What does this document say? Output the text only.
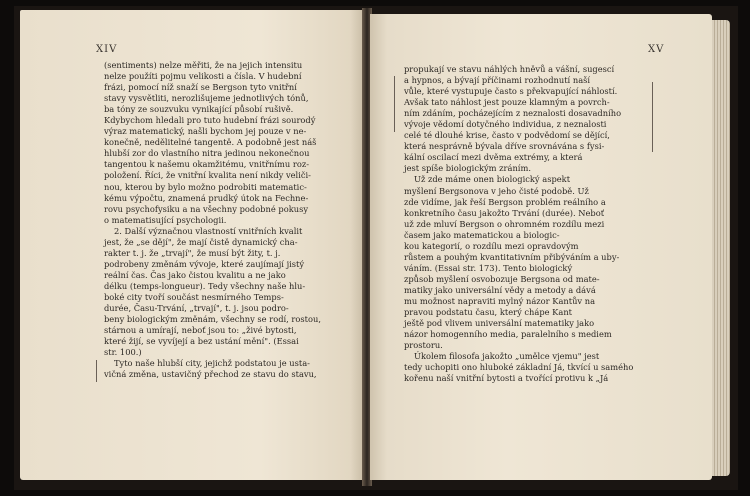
XIV	XV
(sentiments) nelze měřiti, že na jejich intensitu
nelze použíti pojmu velikosti a čísla. V hudební
frázi, pomocí níž snaží se Bergson tyto vnitřní
stavy vysvětliti, nerozlišujeme jednotlivých tónů,
ba tóny ze souzvuku vynikající působí rušivě.
Kdybychom hledali pro tuto hudební frázi sourodý
výraz matematický, našli bychom jej pouze v ne-
konečně, nedělitelné tangentě. A podobně jest náš
hlubší zor do vlastního nitra jedinou nekonečnou
tangentou k našemu okamžitému, vnitřnímu roz-
položení. Říci, že vnitřní kvalita není nikdy veliči-
nou, kterou by bylo možno podrobiti matematic-
kému výpočtu, znamená prudký útok na Fechne-
rovu psychofysiku a na všechny podobné pokusy
o matematisující psychologii.
2. Další význačnou vlastností vnitřních kvalit
jest, že „se dějí", že mají čistě dynamický cha-
rakter t. j. že „trvají", že musí být žity, t. j.
podrobeny změnám vývoje, které zaujímají jistý
reální čas. Čas jako čistou kvalitu a ne jako
délku (temps-longueur). Tedy všechny naše hlu-
boké city tvoří součást nesmírného Temps-
durée, Času-Trvání, „trvají", t. j. jsou podro-
beny biologickým změnám, všechny se rodí, rostou,
stárnou a umírají, neboť jsou to: „živé bytosti,
které žijí, se vyvíjejí a bez ustání mění". (Essai
str. 100.)
Tyto naše hlubší city, jejichž podstatou je usta-
vičná změna, ustavičný přechod ze stavu do stavu,
propukají ve stavu náhlých hněvů a vášní, sugescí
a hypnos, a bývají příčinami rozhodnutí naší
vůle, které vystupuje často s překvapující náhlostí.
Avšak tato náhlost jest pouze klamným a povrch-
ním zdáním, pocházejícím z neznalosti dosavadního
vývoje vědomí dotyčného individua, z neznalosti
celé té dlouhé krise, často v podvědomí se dějící,
která nesprávně bývala dříve srovnávána s fysi-
kální oscilací mezi dvěma extrémy, a která
jest spíše biologickým zráním.
Už zde máme onen biologický aspekt
myšlení Bergsonova v jeho čisté podobě. Už
zde vidíme, jak řeší Bergson problém reálního a
konkretního času jakožto Trvání (durée). Neboť
už zde mluví Bergson o ohromném rozdílu mezi
časem jako matematickou a biologic-
kou kategorií, o rozdílu mezi opravdovým
růstem a pouhým kvantitativním přibýváním a uby-
váním. (Essai str. 173). Tento biologický
způsob myšlení osvobozuje Bergsona od mate-
matiky jako universální vědy a metody a dává
mu možnost napraviti mylný názor Kantův na
pravou podstatu času, který chápe Kant
ještě pod vlivem universální matematiky jako
názor homogenního media, paralelního s mediem
prostoru.
Úkolem filosofa jakožto „umělce vjemu" jest
tedy uchopiti ono hluboké základní Já, tkvící u samého
kořenu naší vnitřní bytosti a tvořící protivu k „Já
